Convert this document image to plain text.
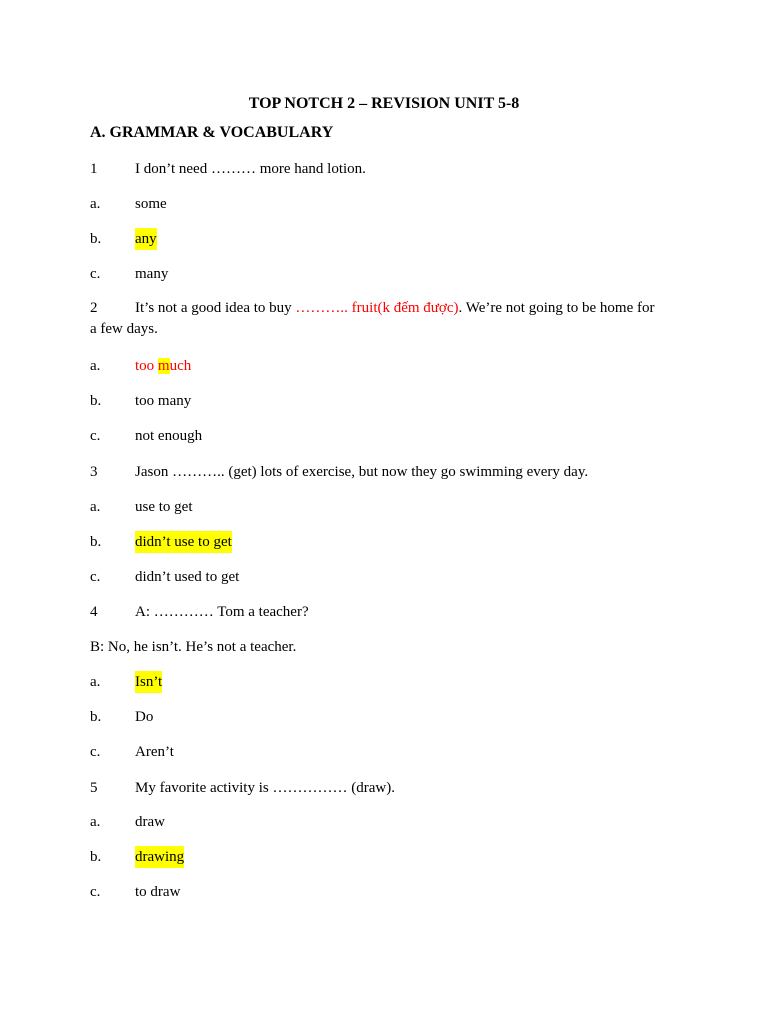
TOP NOTCH 2 – REVISION UNIT 5-8
A. GRAMMAR & VOCABULARY
1	I don’t need ……… more hand lotion.
a. some
b. any
c. many
2	It’s not a good idea to buy ……….. fruit(k đếm được). We’re not going to be home for a few days.
a. too much
b. too many
c. not enough
3	Jason ……….. (get) lots of exercise, but now they go swimming every day.
a. use to get
b. didn’t use to get
c. didn’t used to get
4	A: ………… Tom a teacher?
B: No, he isn’t. He’s not a teacher.
a. Isn’t
b. Do
c. Aren’t
5	My favorite activity is …………… (draw).
a. draw
b. drawing
c. to draw
